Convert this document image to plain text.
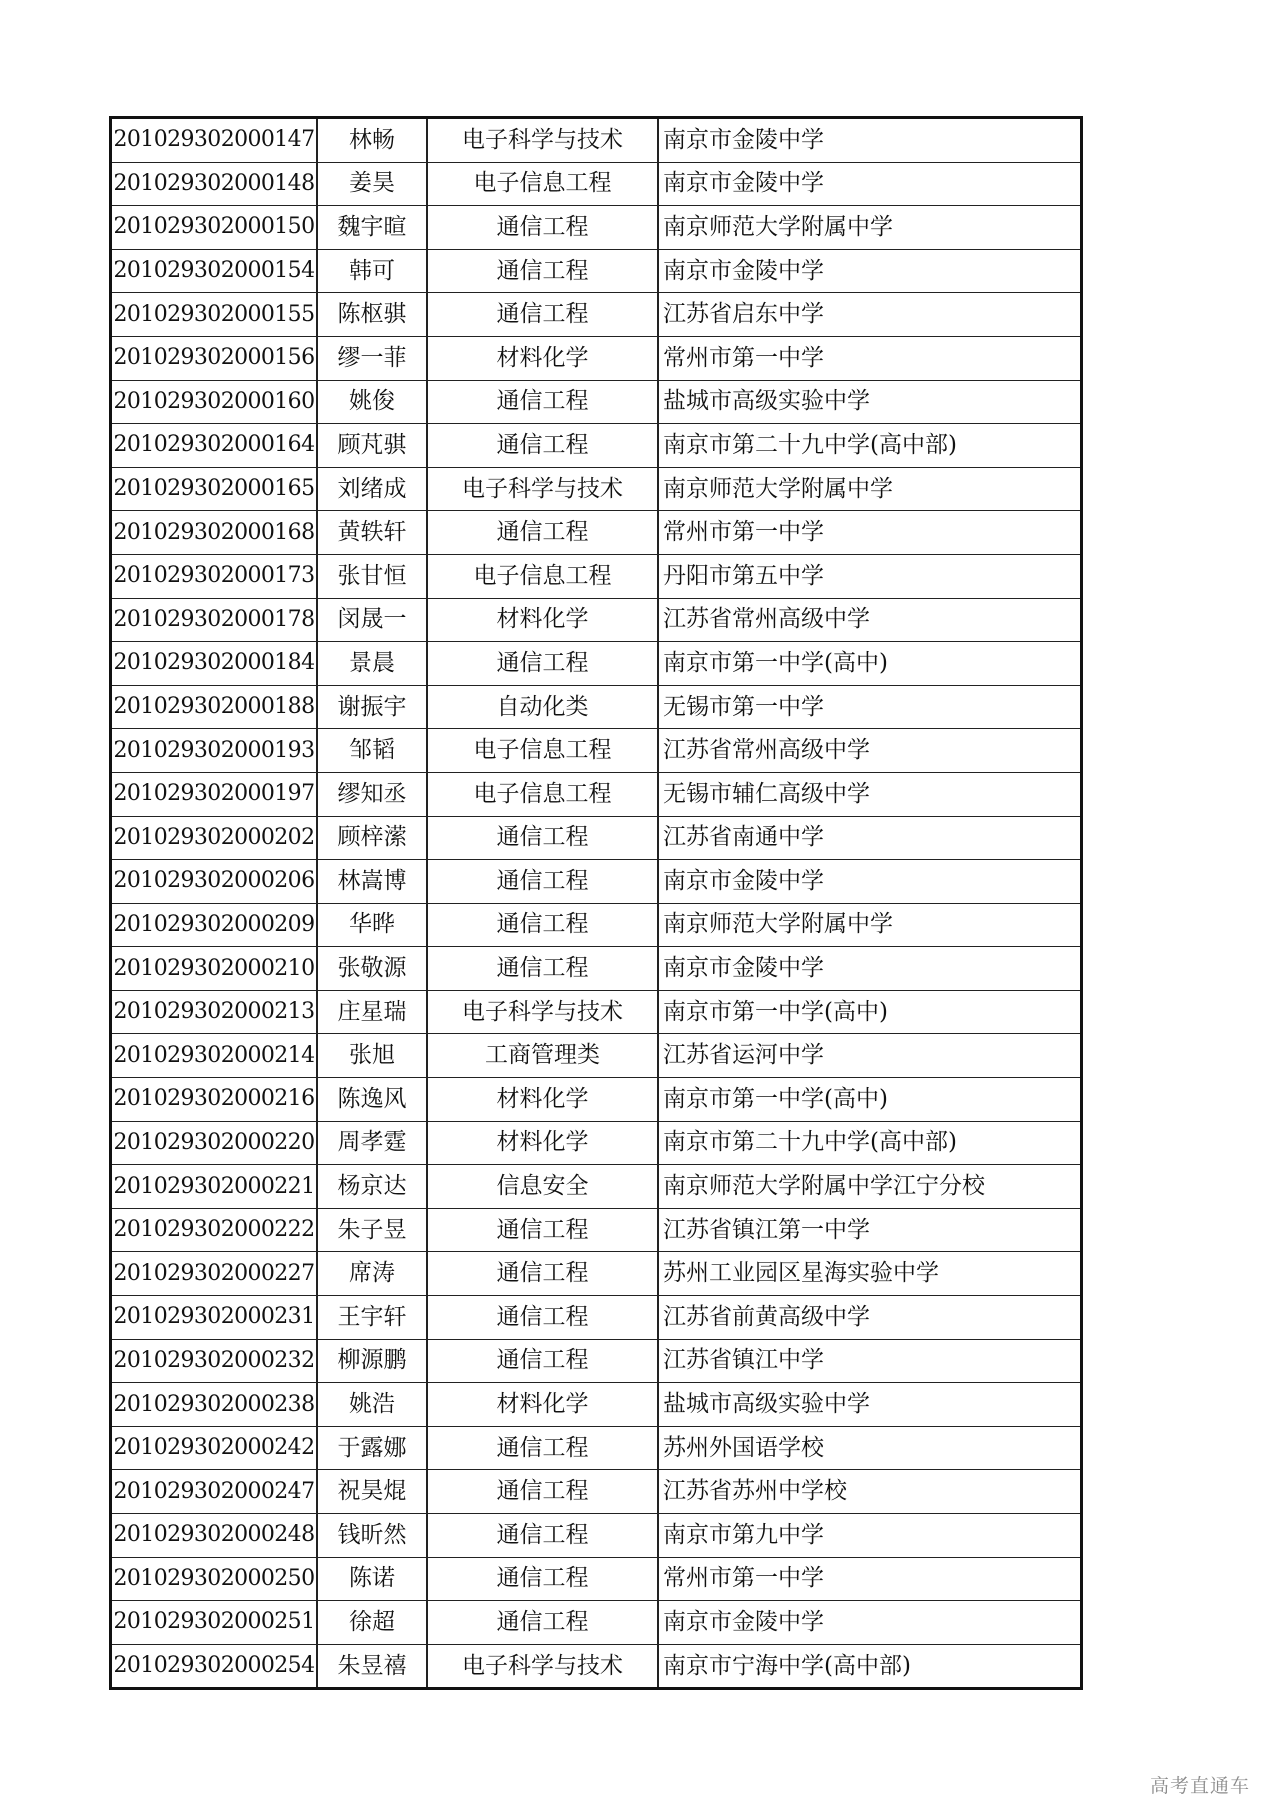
201029302000147	林畅	电子科学与技术	南京市金陵中学
201029302000148	姜昊	电子信息工程	南京市金陵中学
201029302000150	魏宇暄	通信工程	南京师范大学附属中学
201029302000154	韩可	通信工程	南京市金陵中学
201029302000155	陈枢骐	通信工程	江苏省启东中学
201029302000156	缪一菲	材料化学	常州市第一中学
201029302000160	姚俊	通信工程	盐城市高级实验中学
201029302000164	顾芃骐	通信工程	南京市第二十九中学(高中部)
201029302000165	刘绪成	电子科学与技术	南京师范大学附属中学
201029302000168	黄轶轩	通信工程	常州市第一中学
201029302000173	张甘恒	电子信息工程	丹阳市第五中学
201029302000178	闵晟一	材料化学	江苏省常州高级中学
201029302000184	景晨	通信工程	南京市第一中学(高中)
201029302000188	谢振宇	自动化类	无锡市第一中学
201029302000193	邹韬	电子信息工程	江苏省常州高级中学
201029302000197	缪知丞	电子信息工程	无锡市辅仁高级中学
201029302000202	顾梓潆	通信工程	江苏省南通中学
201029302000206	林嵩博	通信工程	南京市金陵中学
201029302000209	华晔	通信工程	南京师范大学附属中学
201029302000210	张敬源	通信工程	南京市金陵中学
201029302000213	庄星瑞	电子科学与技术	南京市第一中学(高中)
201029302000214	张旭	工商管理类	江苏省运河中学
201029302000216	陈逸风	材料化学	南京市第一中学(高中)
201029302000220	周孝霆	材料化学	南京市第二十九中学(高中部)
201029302000221	杨京达	信息安全	南京师范大学附属中学江宁分校
201029302000222	朱子昱	通信工程	江苏省镇江第一中学
201029302000227	席涛	通信工程	苏州工业园区星海实验中学
201029302000231	王宇轩	通信工程	江苏省前黄高级中学
201029302000232	柳源鹏	通信工程	江苏省镇江中学
201029302000238	姚浩	材料化学	盐城市高级实验中学
201029302000242	于露娜	通信工程	苏州外国语学校
201029302000247	祝昊焜	通信工程	江苏省苏州中学校
201029302000248	钱昕然	通信工程	南京市第九中学
201029302000250	陈诺	通信工程	常州市第一中学
201029302000251	徐超	通信工程	南京市金陵中学
201029302000254	朱昱禧	电子科学与技术	南京市宁海中学(高中部)
高考直通车
